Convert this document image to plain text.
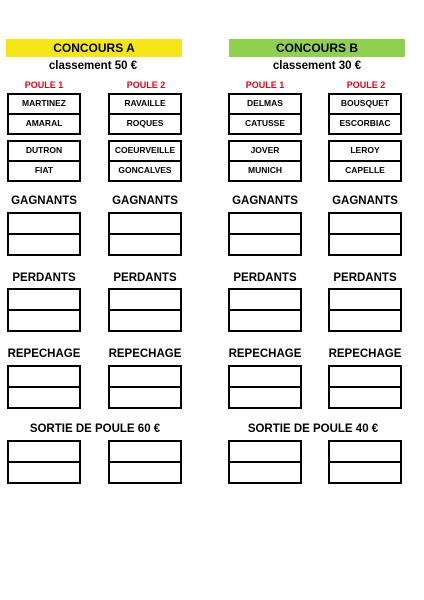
CONCOURS A
classement 50 €
CONCOURS B
classement 30 €
POULE 1	POULE 2	POULE 1	POULE 2
MARTINEZ
AMARAL
RAVAILLE
ROQUES
DELMAS
CATUSSE
BOUSQUET
ESCORBIAC
DUTRON
FIAT
COEURVEILLE
GONCALVES
JOVER
MUNICH
LEROY
CAPELLE
GAGNANTS	GAGNANTS	GAGNANTS	GAGNANTS
PERDANTS	PERDANTS	PERDANTS	PERDANTS
REPECHAGE	REPECHAGE	REPECHAGE	REPECHAGE
SORTIE DE POULE 60 €	SORTIE DE POULE 40 €
